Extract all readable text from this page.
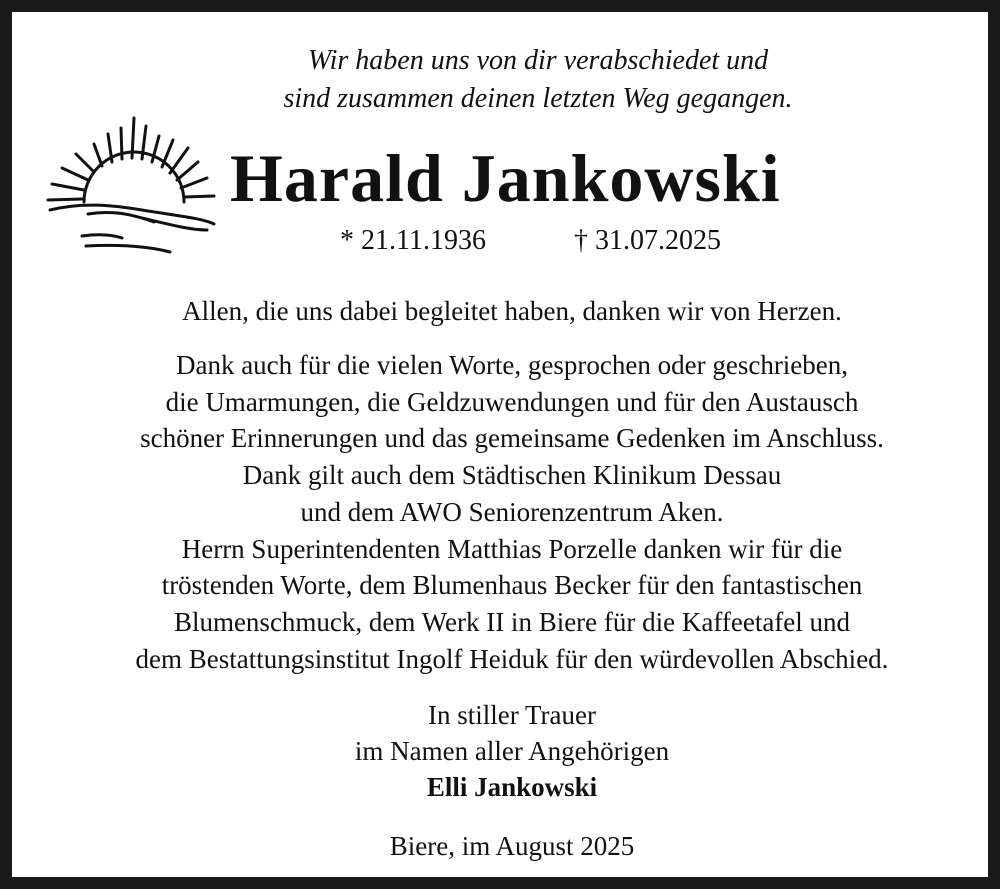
Wir haben uns von dir verabschiedet und
sind zusammen deinen letzten Weg gegangen.
Harald Jankowski
* 21.11.1936	† 31.07.2025
Allen, die uns dabei begleitet haben, danken wir von Herzen.
Dank auch für die vielen Worte, gesprochen oder geschrieben,
die Umarmungen, die Geldzuwendungen und für den Austausch
schöner Erinnerungen und das gemeinsame Gedenken im Anschluss.
Dank gilt auch dem Städtischen Klinikum Dessau
und dem AWO Seniorenzentrum Aken.
Herrn Superintendenten Matthias Porzelle danken wir für die
tröstenden Worte, dem Blumenhaus Becker für den fantastischen
Blumenschmuck, dem Werk II in Biere für die Kaffeetafel und
dem Bestattungsinstitut Ingolf Heiduk für den würdevollen Abschied.
In stiller Trauer
im Namen aller Angehörigen
Elli Jankowski
Biere, im August 2025
